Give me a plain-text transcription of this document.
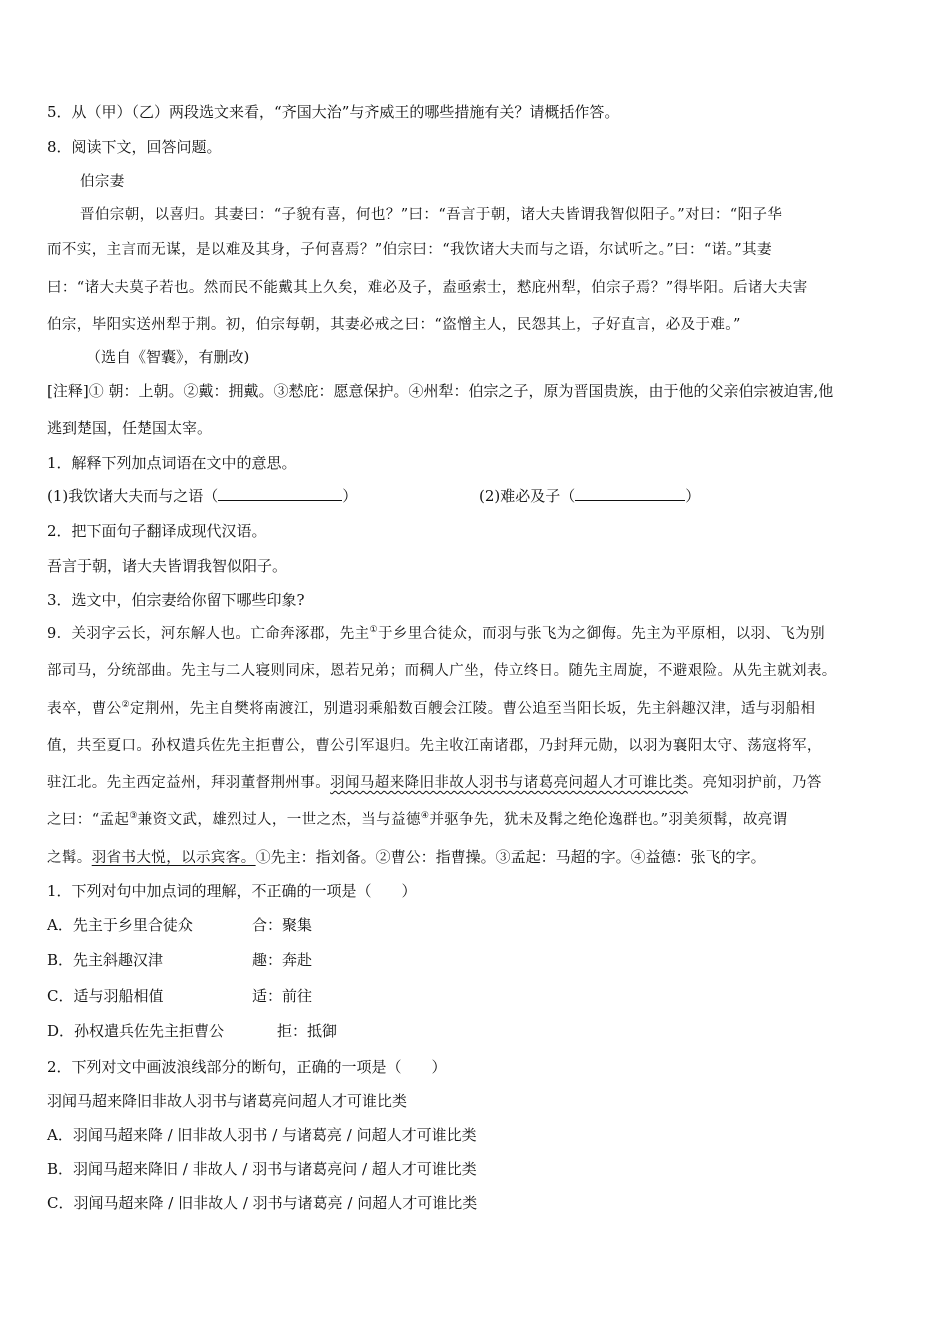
5．从（甲）（乙）两段选文来看，“齐国大治”与齐威王的哪些措施有关？请概括作答。
8．阅读下文，回答问题。
伯宗妻
晋伯宗朝，以喜归。其妻曰：“子貌有喜，何也？”曰：“吾言于朝，诸大夫皆谓我智似阳子。”对曰：“阳子华
而不实，主言而无谋，是以难及其身，子何喜焉？”伯宗曰：“我饮诸大夫而与之语，尔试听之。”曰：“诺。”其妻
曰：“诸大夫莫子若也。然而民不能戴其上久矣，难必及子，盍亟索士，慭庇州犁，伯宗子焉？”得毕阳。后诸大夫害
伯宗，毕阳实送州犁于荆。初，伯宗每朝，其妻必戒之曰：“盗憎主人，民怨其上，子好直言，必及于难。”
（选自《智囊》，有删改)
[注释]① 朝：上朝。②戴：拥戴。③慭庇：愿意保护。④州犁：伯宗之子，原为晋国贵族，由于他的父亲伯宗被迫害,他
逃到楚国，任楚国太宰。
1．解释下列加点词语在文中的意思。
(1)我饮诸大夫而与之语（	）	(2)难必及子（	）
2．把下面句子翻译成现代汉语。
吾言于朝，诸大夫皆谓我智似阳子。
3．选文中，伯宗妻给你留下哪些印象?
9．关羽字云长，河东解人也。亡命奔涿郡，先主①于乡里合徒众，而羽与张飞为之御侮。先主为平原相，以羽、飞为别
部司马，分统部曲。先主与二人寝则同床，恩若兄弟；而稠人广坐，侍立终日。随先主周旋，不避艰险。从先主就刘表。
表卒，曹公②定荆州，先主自樊将南渡江，别遣羽乘船数百艘会江陵。曹公追至当阳长坂，先主斜趣汉津，适与羽船相
值，共至夏口。孙权遣兵佐先主拒曹公，曹公引军退归。先主收江南诸郡，乃封拜元勋，以羽为襄阳太守、荡寇将军，
驻江北。先主西定益州，拜羽董督荆州事。羽闻马超来降旧非故人羽书与诸葛亮问超人才可谁比类。亮知羽护前，乃答
之曰：“孟起③兼资文武，雄烈过人，一世之杰，当与益德④并驱争先，犹未及髯之绝伦逸群也。”羽美须髯，故亮谓
之髯。羽省书大悦，以示宾客。①先主：指刘备。②曹公：指曹操。③孟起：马超的字。④益德：张飞的字。
1．下列对句中加点词的理解，不正确的一项是（　　）
A．先主于乡里合徒众	合：聚集
B．先主斜趣汉津	趣：奔赴
C．适与羽船相值	适：前往
D．孙权遣兵佐先主拒曹公	拒：抵御
2．下列对文中画波浪线部分的断句，正确的一项是（　　）
羽闻马超来降旧非故人羽书与诸葛亮问超人才可谁比类
A．羽闻马超来降 / 旧非故人羽书 / 与诸葛亮 / 问超人才可谁比类
B．羽闻马超来降旧 / 非故人 / 羽书与诸葛亮问 / 超人才可谁比类
C．羽闻马超来降 / 旧非故人 / 羽书与诸葛亮 / 问超人才可谁比类
